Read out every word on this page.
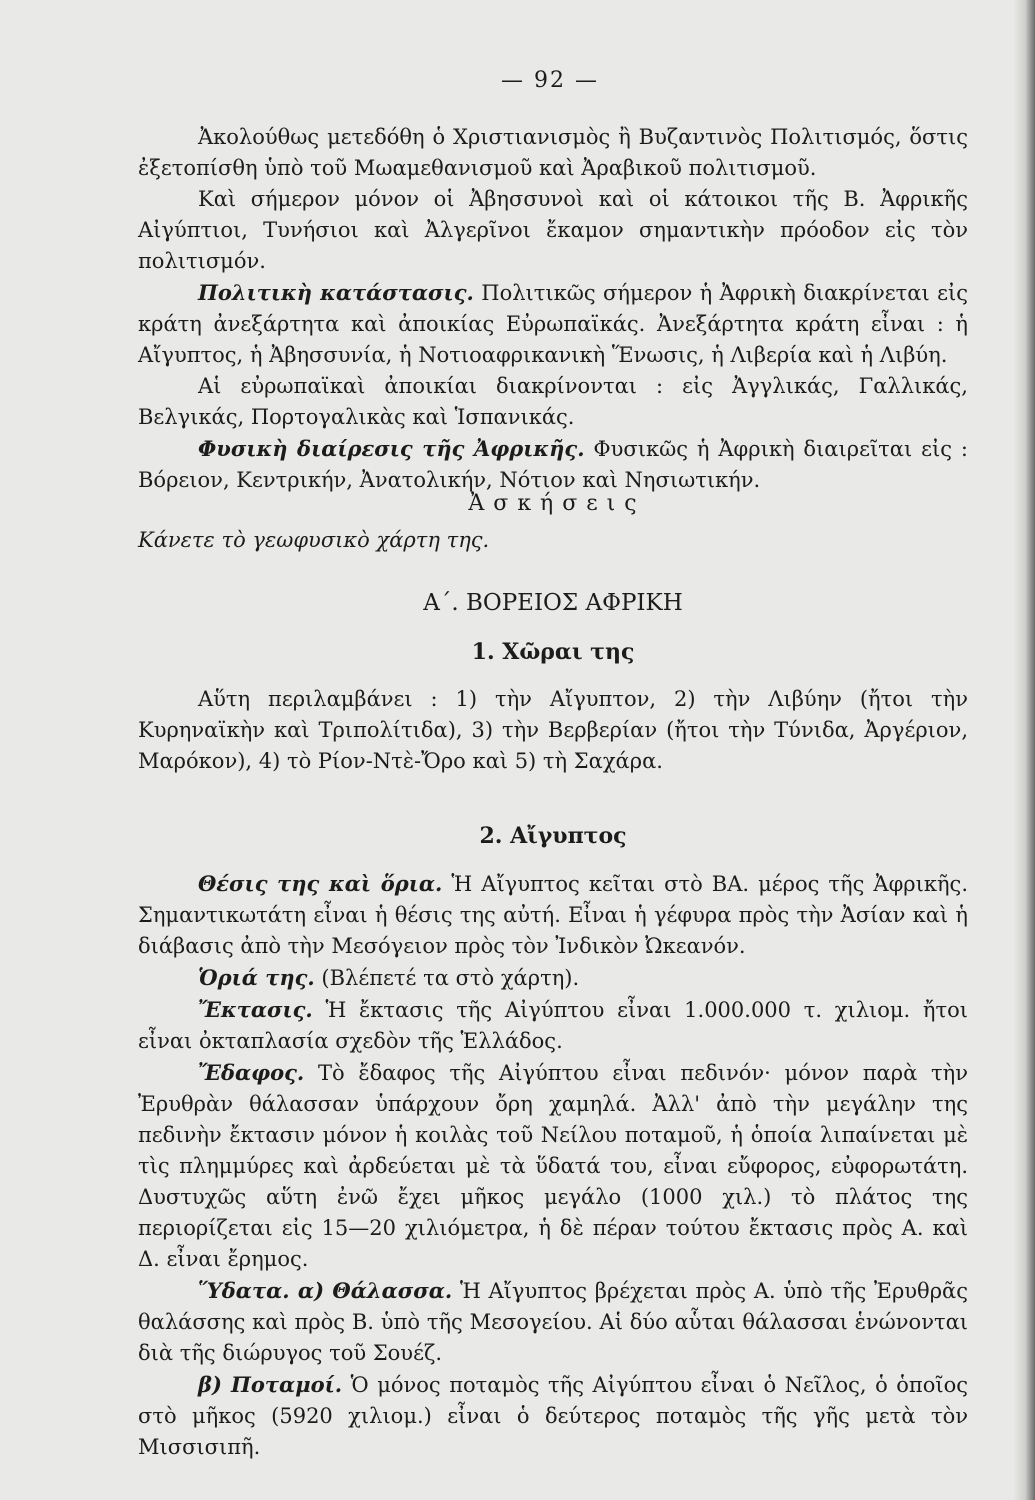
— 92 —

Ἀκολούθως μετεδόθη ὁ Χριστιανισμὸς ἢ Βυζαντινὸς Πολιτισμός, ὅστις ἐξετοπίσθη ὑπὸ τοῦ Μωαμεθανισμοῦ καὶ Ἀραβικοῦ πολιτισμοῦ.

Καὶ σήμερον μόνον οἱ Ἀβησσυνοὶ καὶ οἱ κάτοικοι τῆς Β. Ἀφρικῆς Αἰγύπτιοι, Τυνήσιοι καὶ Ἀλγερῖνοι ἔκαμον σημαντικὴν πρόοδον εἰς τὸν πολιτισμόν.

Πολιτικὴ κατάστασις. Πολιτικῶς σήμερον ἡ Ἀφρικὴ διακρίνεται εἰς κράτη ἀνεξάρτητα καὶ ἀποικίας Εὐρωπαϊκάς. Ἀνεξάρτητα κράτη εἶναι : ἡ Αἴγυπτος, ἡ Ἀβησσυνία, ἡ Νοτιοαφρικανικὴ Ἕνωσις, ἡ Λιβερία καὶ ἡ Λιβύη.

Αἱ εὐρωπαϊκαὶ ἀποικίαι διακρίνονται : εἰς Ἀγγλικάς, Γαλλικάς, Βελγικάς, Πορτογαλικὰς καὶ Ἱσπανικάς.

Φυσικὴ διαίρεσις τῆς Ἀφρικῆς. Φυσικῶς ἡ Ἀφρικὴ διαιρεῖται εἰς : Βόρειον, Κεντρικήν, Ἀνατολικήν, Νότιον καὶ Νησιωτικήν.

Ἀ σ κ ή σ ε ι ς

Κάνετε τὸ γεωφυσικὸ χάρτη της.

Α΄. ΒΟΡΕΙΟΣ ΑΦΡΙΚΗ

1. Χῶραι της

Αὕτη περιλαμβάνει : 1) τὴν Αἴγυπτον, 2) τὴν Λιβύην (ἤτοι τὴν Κυρηναϊκὴν καὶ Τριπολίτιδα), 3) τὴν Βερβερίαν (ἤτοι τὴν Τύνιδα, Ἀργέριον, Μαρόκον), 4) τὸ Ρίον-Ντὲ-Ὄρο καὶ 5) τὴ Σαχάρα.

2. Αἴγυπτος

Θέσις της καὶ ὅρια. Ἡ Αἴγυπτος κεῖται στὸ ΒΑ. μέρος τῆς Ἀφρικῆς. Σημαντικωτάτη εἶναι ἡ θέσις της αὐτή. Εἶναι ἡ γέφυρα πρὸς τὴν Ἀσίαν καὶ ἡ διάβασις ἀπὸ τὴν Μεσόγειον πρὸς τὸν Ἰνδικὸν Ὠκεανόν.

Ὁριά της. (Βλέπετέ τα στὸ χάρτη).

Ἔκτασις. Ἡ ἔκτασις τῆς Αἰγύπτου εἶναι 1.000.000 τ. χιλιομ. ἤτοι εἶναι ὀκταπλασία σχεδὸν τῆς Ἑλλάδος.

Ἔδαφος. Τὸ ἔδαφος τῆς Αἰγύπτου εἶναι πεδινόν· μόνον παρὰ τὴν Ἐρυθρὰν θάλασσαν ὑπάρχουν ὄρη χαμηλά. Ἀλλ' ἀπὸ τὴν μεγάλην της πεδινὴν ἔκτασιν μόνον ἡ κοιλὰς τοῦ Νείλου ποταμοῦ, ἡ ὁποία λιπαίνεται μὲ τὶς πλημμύρες καὶ ἀρδεύεται μὲ τὰ ὕδατά του, εἶναι εὔφορος, εὐφορωτάτη. Δυστυχῶς αὕτη ἐνῶ ἔχει μῆκος μεγάλο (1000 χιλ.) τὸ πλάτος της περιορίζεται εἰς 15—20 χιλιόμετρα, ἡ δὲ πέραν τούτου ἔκτασις πρὸς Α. καὶ Δ. εἶναι ἔρημος.

Ὕδατα. α) Θάλασσα. Ἡ Αἴγυπτος βρέχεται πρὸς Α. ὑπὸ τῆς Ἐρυθρᾶς θαλάσσης καὶ πρὸς Β. ὑπὸ τῆς Μεσογείου. Αἱ δύο αὗται θάλασσαι ἑνώνονται διὰ τῆς διώρυγος τοῦ Σουέζ.

β) Ποταμοί. Ὁ μόνος ποταμὸς τῆς Αἰγύπτου εἶναι ὁ Νεῖλος, ὁ ὁποῖος στὸ μῆκος (5920 χιλιομ.) εἶναι ὁ δεύτερος ποταμὸς τῆς γῆς μετὰ τὸν Μισσισιπῆ.
